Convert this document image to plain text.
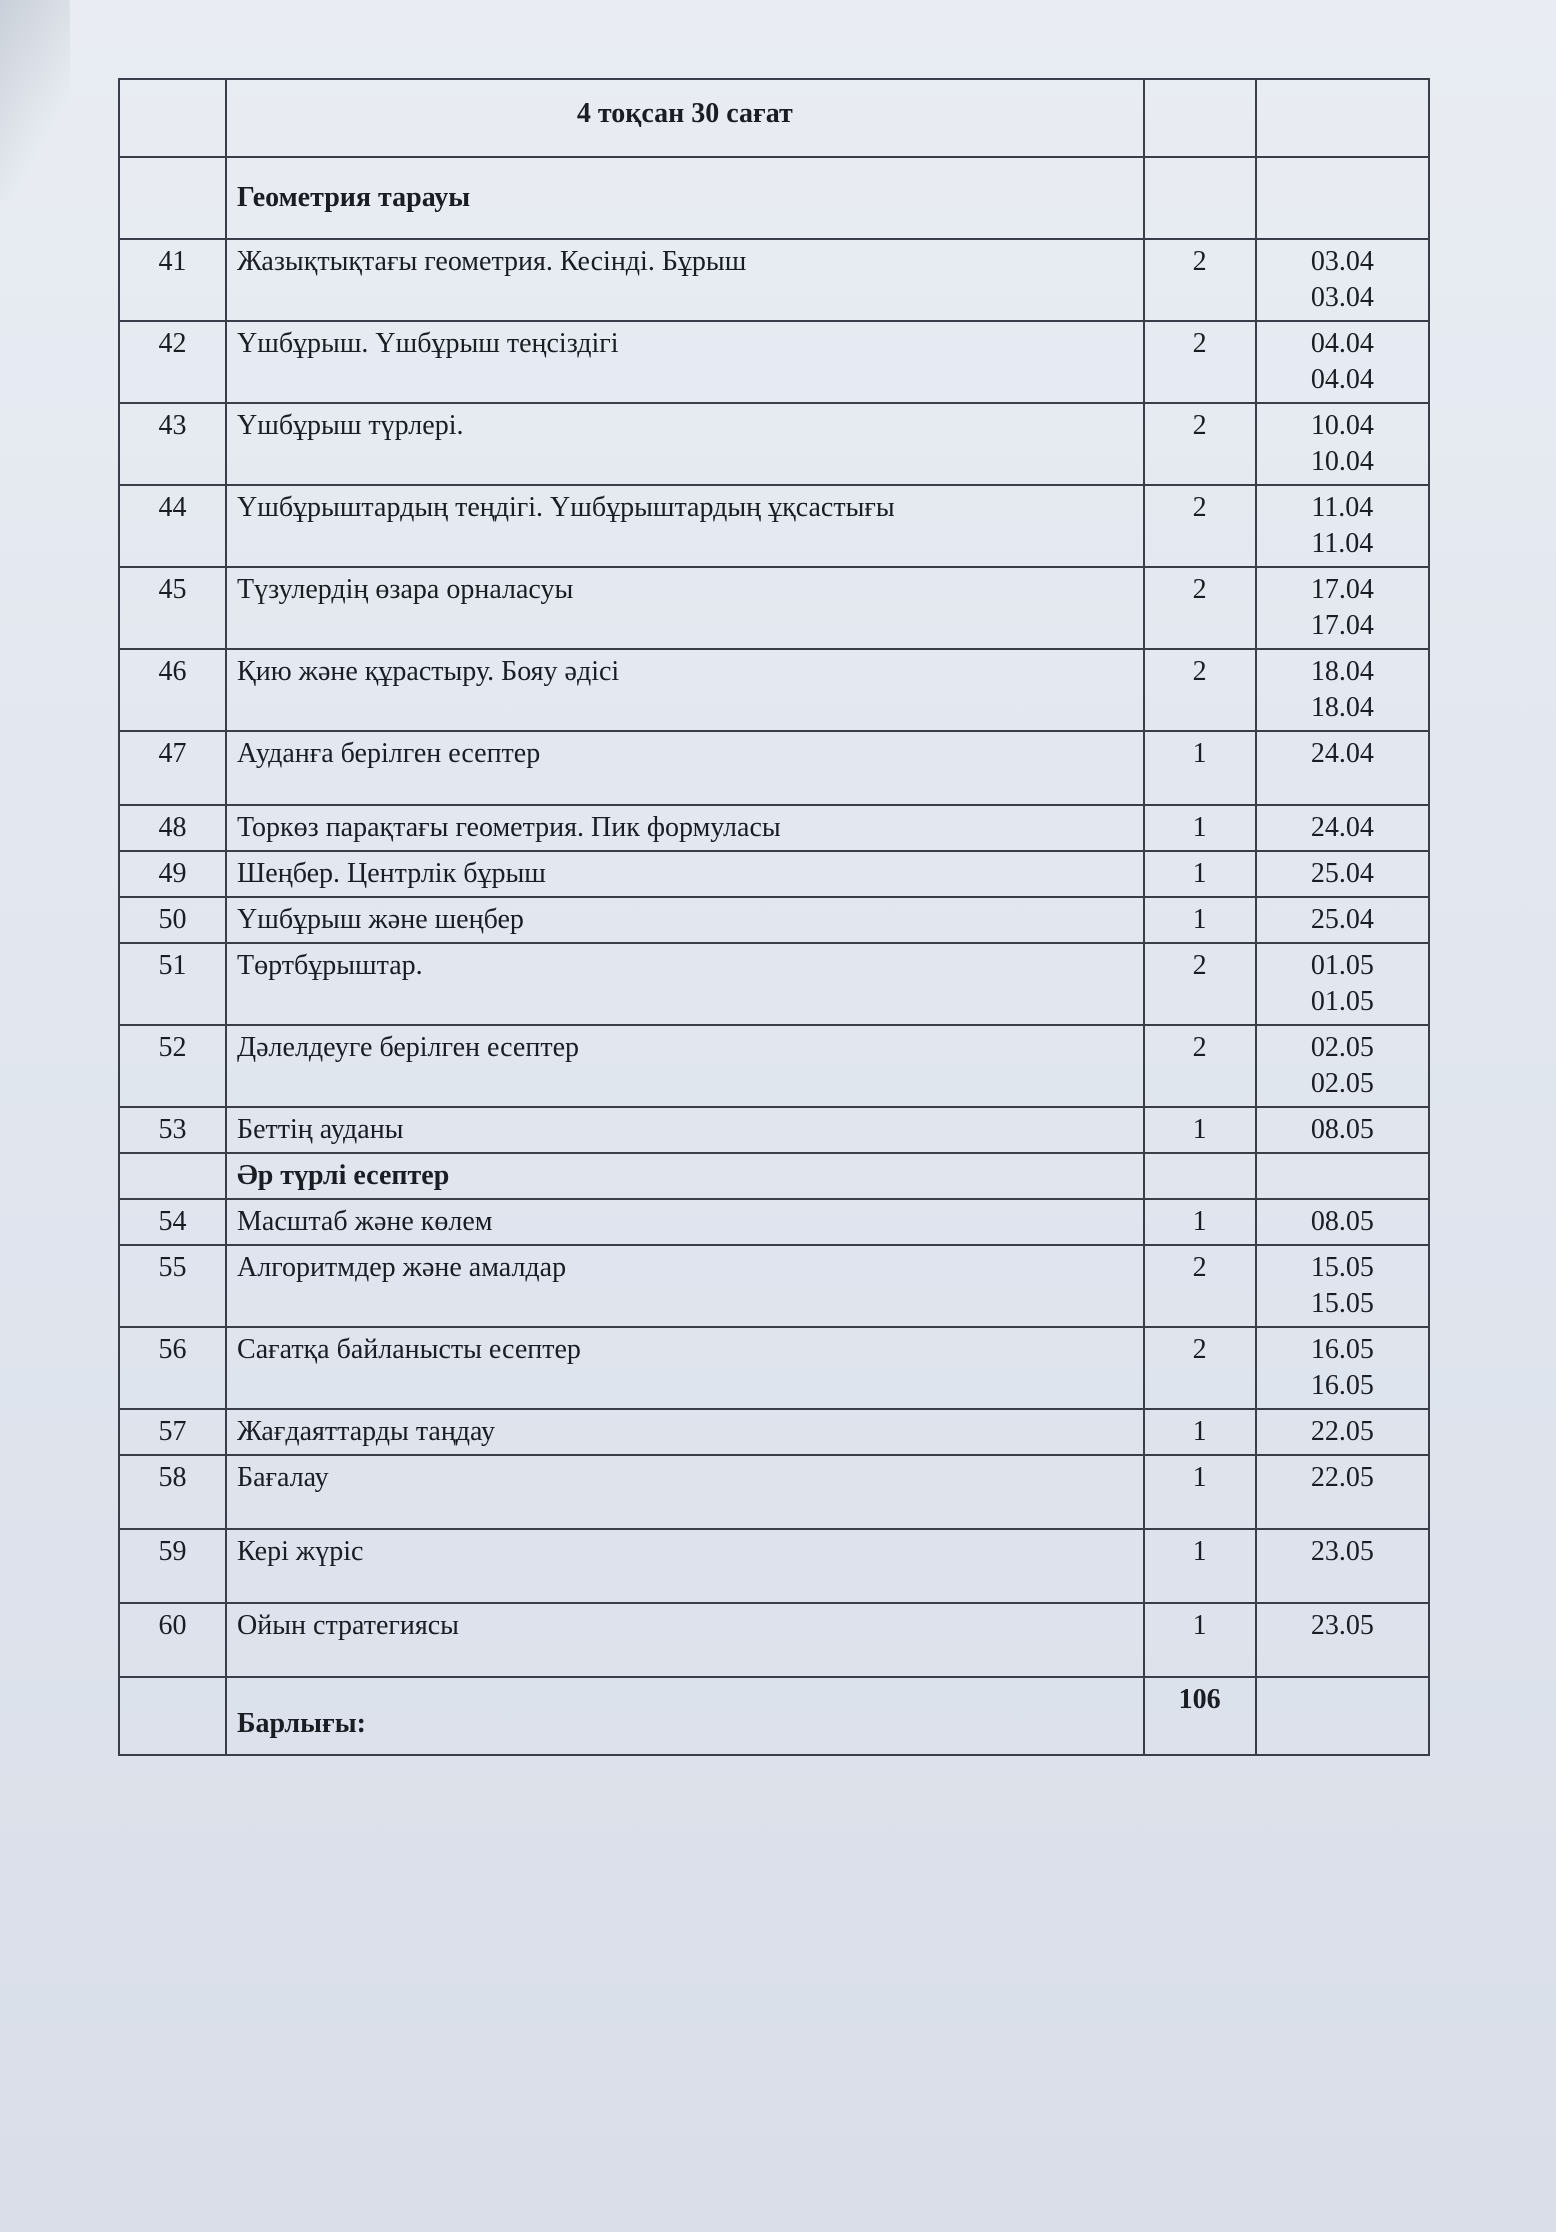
	4 тоқсан 30 сағат		
	Геометрия тарауы		
41	Жазықтықтағы геометрия. Кесінді. Бұрыш	2	03.04
03.04

42	Үшбұрыш. Үшбұрыш теңсіздігі	2	04.04
04.04

43	Үшбұрыш түрлері.	2	10.04
10.04

44	Үшбұрыштардың теңдігі. Үшбұрыштардың ұқсастығы	2	11.04
11.04

45	Түзулердің өзара орналасуы	2	17.04
17.04

46	Қию және құрастыру. Бояу әдісі	2	18.04
18.04

47	Ауданға берілген есептер	1	24.04

48	Торкөз парақтағы геометрия. Пик формуласы	1	24.04

49	Шеңбер. Центрлік бұрыш	1	25.04

50	Үшбұрыш және шеңбер	1	25.04

51	Төртбұрыштар.	2	01.05
01.05

52	Дәлелдеуге берілген есептер	2	02.05
02.05

53	Беттің ауданы	1	08.05

	Әр түрлі есептер		
54	Масштаб және көлем	1	08.05

55	Алгоритмдер және амалдар	2	15.05
15.05

56	Сағатқа байланысты есептер	2	16.05
16.05

57	Жағдаяттарды таңдау	1	22.05

58	Бағалау	1	22.05

59	Кері жүріс	1	23.05

60	Ойын стратегиясы	1	23.05

	Барлығы:	106	
